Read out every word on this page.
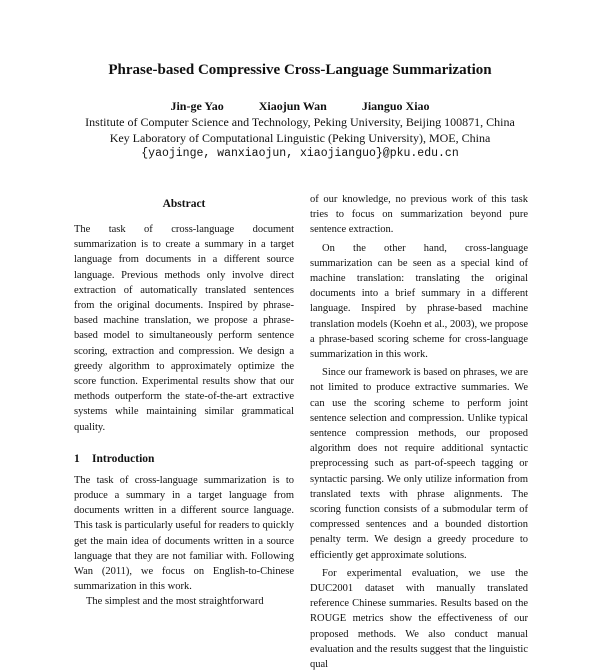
Phrase-based Compressive Cross-Language Summarization
Jin-ge Yao	Xiaojun Wan	Jianguo Xiao
Institute of Computer Science and Technology, Peking University, Beijing 100871, China
Key Laboratory of Computational Linguistic (Peking University), MOE, China
{yaojinge, wanxiaojun, xiaojianguo}@pku.edu.cn
Abstract

The task of cross-language document summarization is to create a summary in a target language from documents in a different source language. Previous methods only involve direct extraction of automatically translated sentences from the original documents. Inspired by phrase-based machine translation, we propose a phrase-based model to simultaneously perform sentence scoring, extraction and compression. We design a greedy algorithm to approximately optimize the score function. Experimental results show that our methods outperform the state-of-the-art extractive systems while maintaining similar grammatical quality.

1 Introduction

The task of cross-language summarization is to produce a summary in a target language from documents written in a different source language. This task is particularly useful for readers to quickly get the main idea of documents written in a source language that they are not familiar with. Following Wan (2011), we focus on English-to-Chinese summarization in this work.

The simplest and the most straightforward

of our knowledge, no previous work of this task tries to focus on summarization beyond pure sentence extraction.

On the other hand, cross-language summarization can be seen as a special kind of machine translation: translating the original documents into a brief summary in a different language. Inspired by phrase-based machine translation models (Koehn et al., 2003), we propose a phrase-based scoring scheme for cross-language summarization in this work.

Since our framework is based on phrases, we are not limited to produce extractive summaries. We can use the scoring scheme to perform joint sentence selection and compression. Unlike typical sentence compression methods, our proposed algorithm does not require additional syntactic preprocessing such as part-of-speech tagging or syntactic parsing. We only utilize information from translated texts with phrase alignments. The scoring function consists of a submodular term of compressed sentences and a bounded distortion penalty term. We design a greedy procedure to efficiently get approximate solutions.

For experimental evaluation, we use the DUC2001 dataset with manually translated reference Chinese summaries. Results based on the ROUGE metrics show the effectiveness of our proposed methods. We also conduct manual evaluation and the results suggest that the linguistic qual
